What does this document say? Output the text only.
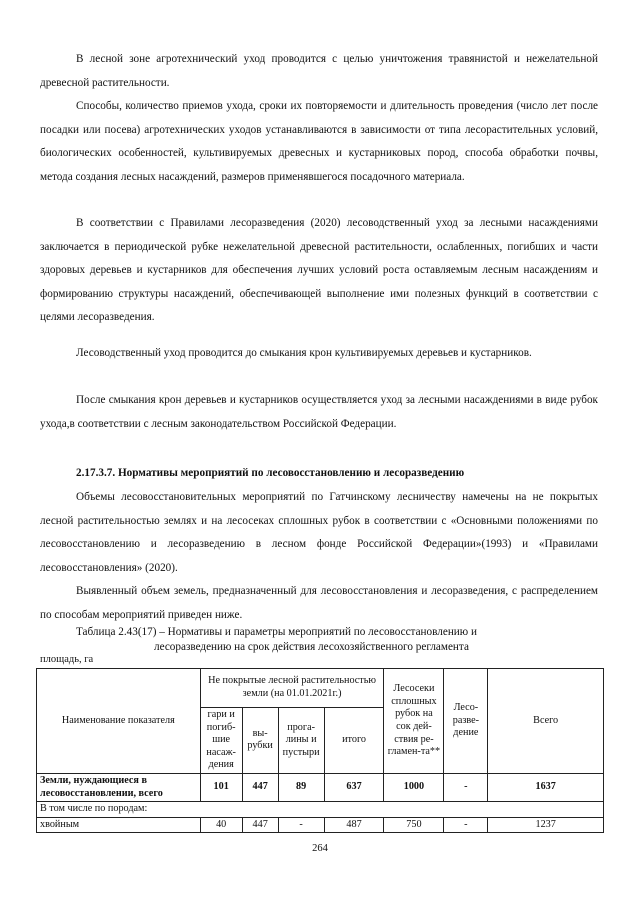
В лесной зоне агротехнический уход проводится с целью уничтожения травянистой и нежелательной древесной растительности.

Способы, количество приемов ухода, сроки их повторяемости и длительность проведения (число лет после посадки или посева) агротехнических уходов устанавливаются в зависимости от типа лесорастительных условий, биологических особенностей, культивируемых древесных и кустарниковых пород, способа обработки почвы, метода создания лесных насаждений, размеров применявшегося посадочного материала.

В соответствии с Правилами лесоразведения (2020) лесоводственный уход за лесными насаждениями заключается в периодической рубке нежелательной древесной растительности, ослабленных, погибших и части здоровых деревьев и кустарников для обеспечения лучших условий роста оставляемым лесным насаждениям и формированию структуры насаждений, обеспечивающей выполнение ими полезных функций в соответствии с целями лесоразведения.

Лесоводственный уход проводится до смыкания крон культивируемых деревьев и кустарников.

После смыкания крон деревьев и кустарников осуществляется уход за лесными насаждениями в виде рубок ухода,в соответствии с лесным законодательством Российской Федерации.

2.17.3.7. Нормативы мероприятий по лесовосстановлению и лесоразведению

Объемы лесовосстановительных мероприятий по Гатчинскому лесничеству намечены на не покрытых лесной растительностью землях и на лесосеках сплошных рубок в соответствии с «Основными положениями по лесовосстановлению и лесоразведению в лесном фонде Российской Федерации»(1993) и «Правилами лесовосстановления» (2020).

Выявленный объем земель, предназначенный для лесовосстановления и лесоразведения, с распределением по способам мероприятий приведен ниже.

Таблица 2.43(17) – Нормативы и параметры мероприятий по лесовосстановлению и
лесоразведению на срок действия лесохозяйственного регламента

площадь, га

Наименование показателя	Не покрытые лесной растительностью земли (на 01.01.2021г.)				Лесосеки сплошных рубок на сок дей-ствия ре-гламен-та**	Лесо-разве-дение	Всего
	гари и погиб-шие насаж-дения	вы-рубки	прога-лины и пустыри	итого			
Земли, нуждающиеся в лесовосстановлении, всего	101	447	89	637	1000	-	1637
В том числе по породам:							
хвойным	40	447	-	487	750	-	1237

264
